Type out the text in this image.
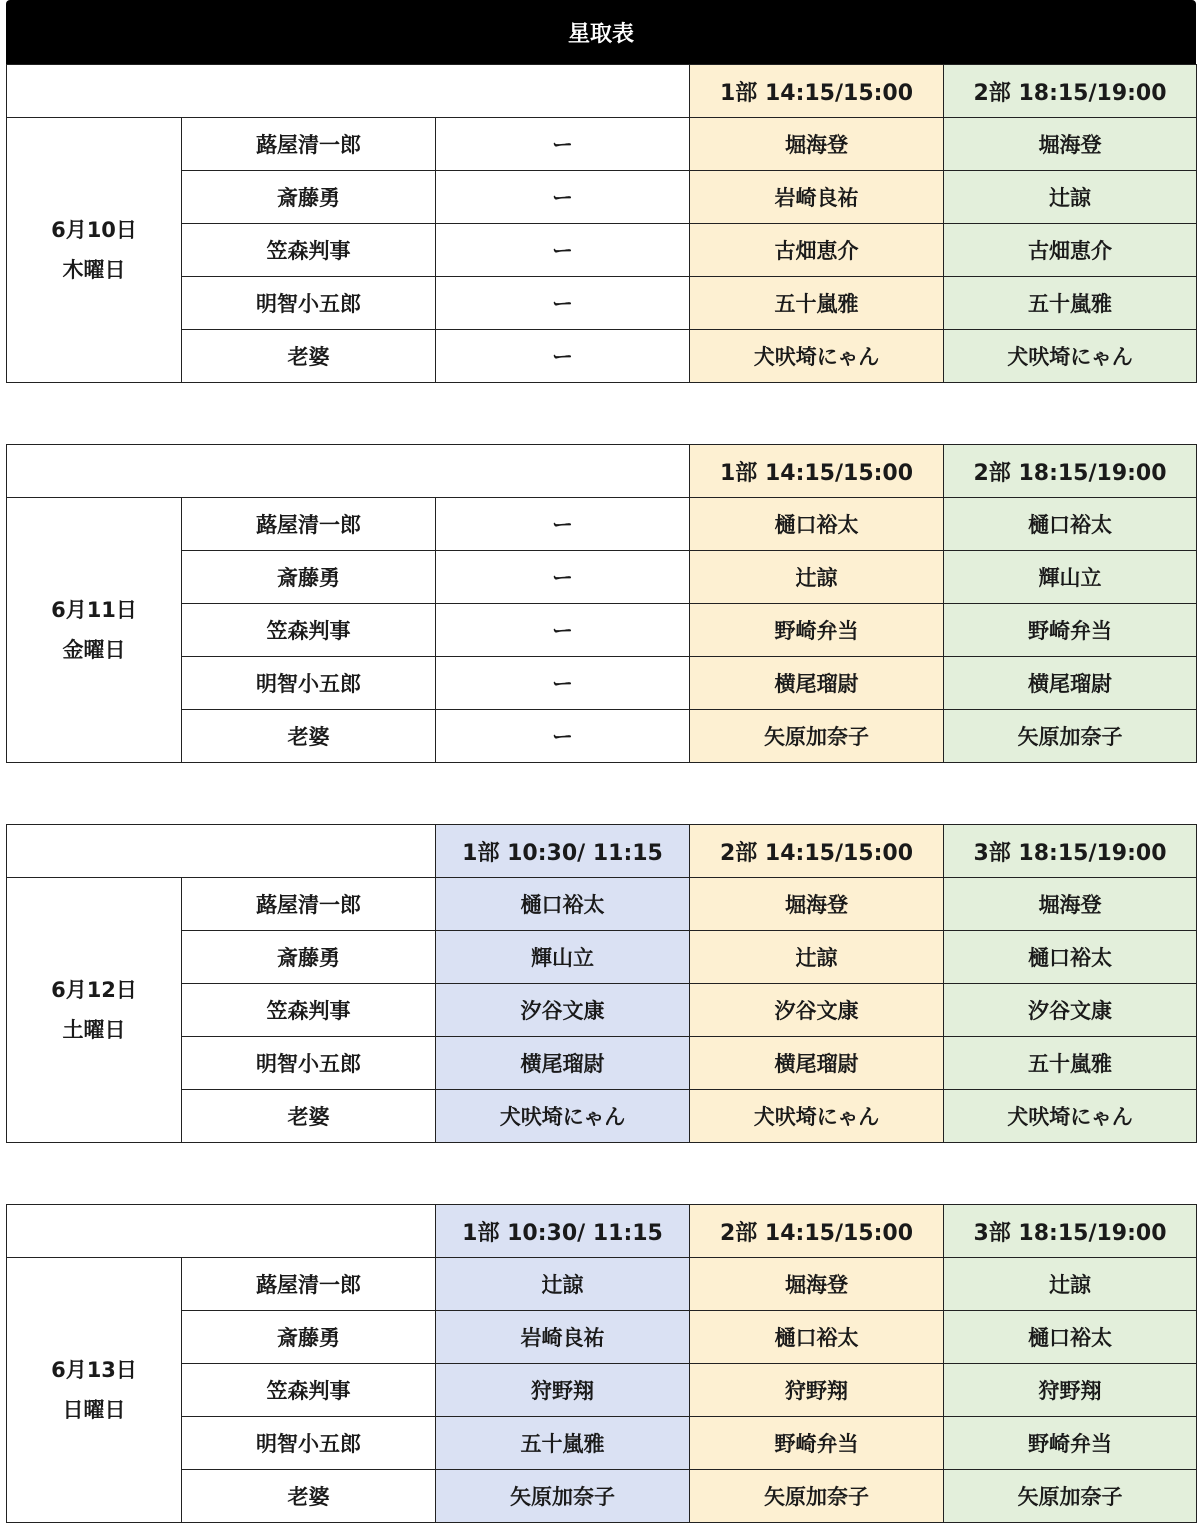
星取表
			1部 14:15/15:00	2部 18:15/19:00

6月10日
木曜日	蕗屋清一郎	ー	堀海登	堀海登
	斎藤勇	ー	岩崎良祐	辻諒
	笠森判事	ー	古畑恵介	古畑恵介
	明智小五郎	ー	五十嵐雅	五十嵐雅
	老婆	ー	犬吠埼にゃん	犬吠埼にゃん
			1部 14:15/15:00	2部 18:15/19:00

6月11日
金曜日	蕗屋清一郎	ー	樋口裕太	樋口裕太
	斎藤勇	ー	辻諒	輝山立
	笠森判事	ー	野崎弁当	野崎弁当
	明智小五郎	ー	横尾瑠尉	横尾瑠尉
	老婆	ー	矢原加奈子	矢原加奈子
		1部 10:30/ 11:15	2部 14:15/15:00	3部 18:15/19:00

6月12日
土曜日	蕗屋清一郎	樋口裕太	堀海登	堀海登
	斎藤勇	輝山立	辻諒	樋口裕太
	笠森判事	汐谷文康	汐谷文康	汐谷文康
	明智小五郎	横尾瑠尉	横尾瑠尉	五十嵐雅
	老婆	犬吠埼にゃん	犬吠埼にゃん	犬吠埼にゃん
		1部 10:30/ 11:15	2部 14:15/15:00	3部 18:15/19:00

6月13日
日曜日	蕗屋清一郎	辻諒	堀海登	辻諒
	斎藤勇	岩崎良祐	樋口裕太	樋口裕太
	笠森判事	狩野翔	狩野翔	狩野翔
	明智小五郎	五十嵐雅	野崎弁当	野崎弁当
	老婆	矢原加奈子	矢原加奈子	矢原加奈子
